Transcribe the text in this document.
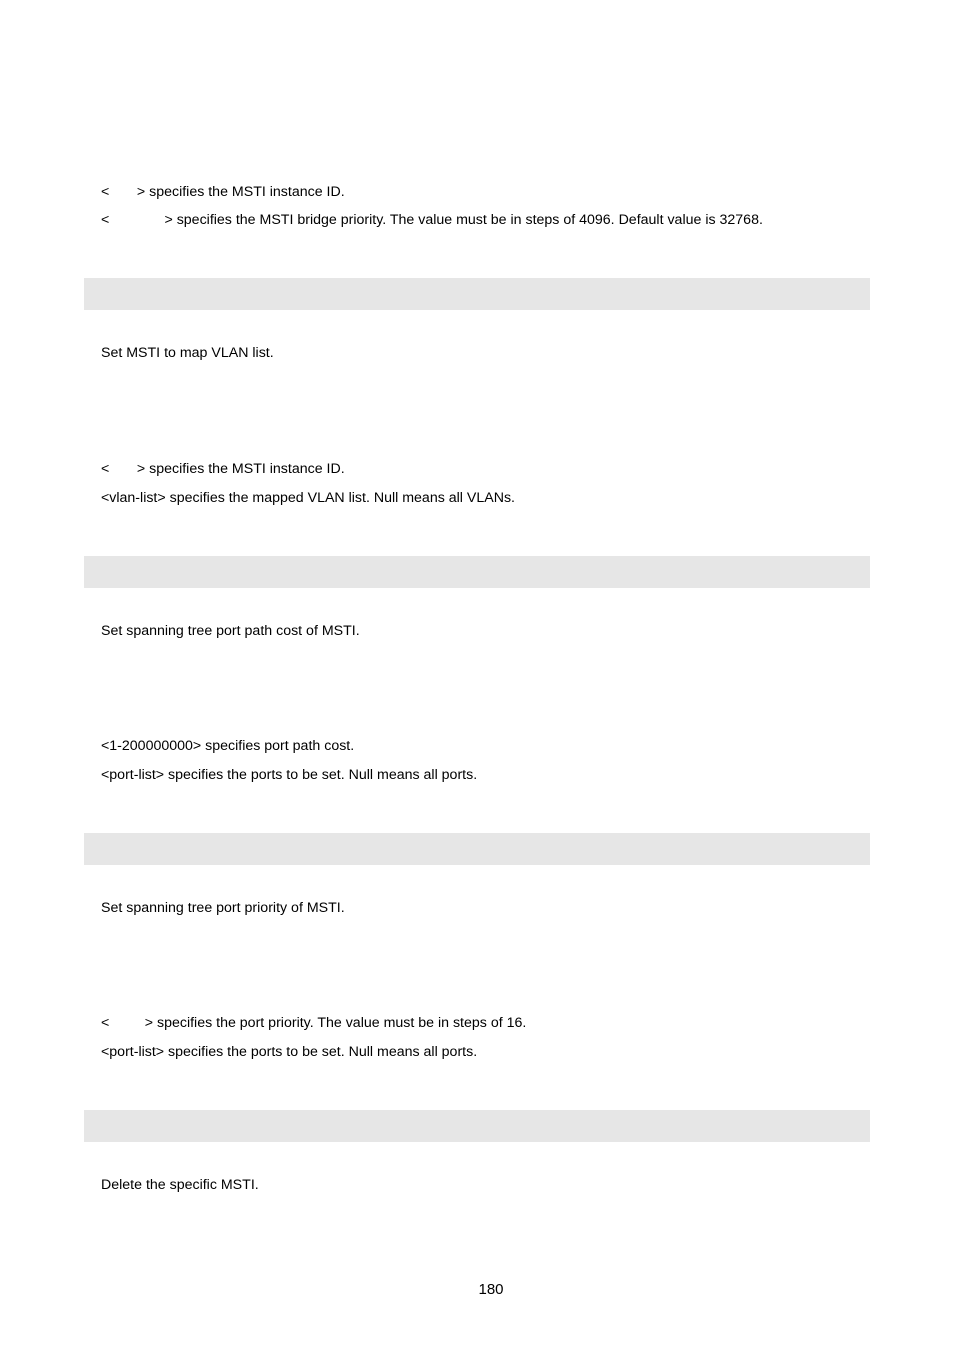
<       > specifies the MSTI instance ID.
<              > specifies the MSTI bridge priority. The value must be in steps of 4096. Default value is 32768.
Set MSTI to map VLAN list.
<       > specifies the MSTI instance ID.
<vlan-list> specifies the mapped VLAN list. Null means all VLANs.
Set spanning tree port path cost of MSTI.
<1-200000000> specifies port path cost.
<port-list> specifies the ports to be set. Null means all ports.
Set spanning tree port priority of MSTI.
<         > specifies the port priority. The value must be in steps of 16.
<port-list> specifies the ports to be set. Null means all ports.
Delete the specific MSTI.
180
